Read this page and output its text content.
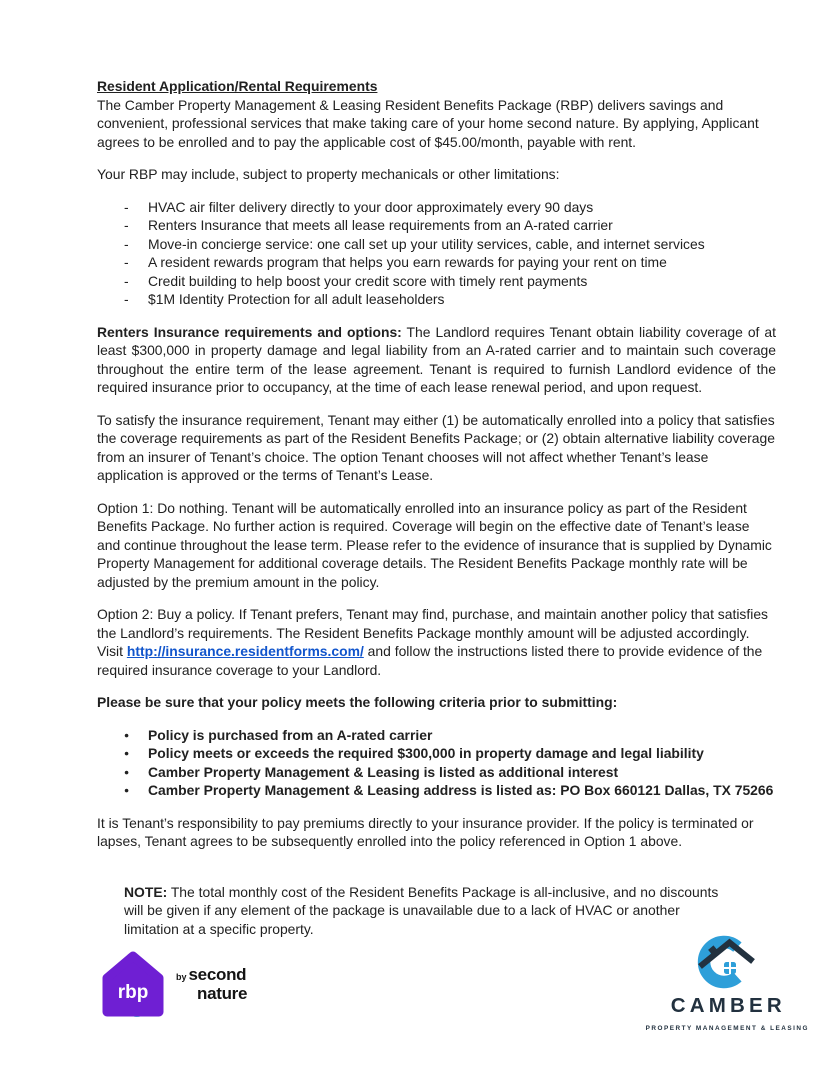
Resident Application/Rental Requirements

The Camber Property Management & Leasing Resident Benefits Package (RBP) delivers savings and convenient, professional services that make taking care of your home second nature. By applying, Applicant agrees to be enrolled and to pay the applicable cost of $45.00/month, payable with rent.

Your RBP may include, subject to property mechanicals or other limitations:

-	HVAC air filter delivery directly to your door approximately every 90 days
-	Renters Insurance that meets all lease requirements from an A-rated carrier
-	Move-in concierge service: one call set up your utility services, cable, and internet services
-	A resident rewards program that helps you earn rewards for paying your rent on time
-	Credit building to help boost your credit score with timely rent payments
-	$1M Identity Protection for all adult leaseholders

Renters Insurance requirements and options: The Landlord requires Tenant obtain liability coverage of at least $300,000 in property damage and legal liability from an A-rated carrier and to maintain such coverage throughout the entire term of the lease agreement. Tenant is required to furnish Landlord evidence of the required insurance prior to occupancy, at the time of each lease renewal period, and upon request.

To satisfy the insurance requirement, Tenant may either (1) be automatically enrolled into a policy that satisfies the coverage requirements as part of the Resident Benefits Package; or (2) obtain alternative liability coverage from an insurer of Tenant’s choice. The option Tenant chooses will not affect whether Tenant’s lease application is approved or the terms of Tenant’s Lease.

Option 1: Do nothing. Tenant will be automatically enrolled into an insurance policy as part of the Resident Benefits Package. No further action is required. Coverage will begin on the effective date of Tenant’s lease and continue throughout the lease term. Please refer to the evidence of insurance that is supplied by Dynamic Property Management for additional coverage details. The Resident Benefits Package monthly rate will be adjusted by the premium amount in the policy.

Option 2: Buy a policy. If Tenant prefers, Tenant may find, purchase, and maintain another policy that satisfies the Landlord’s requirements. The Resident Benefits Package monthly amount will be adjusted accordingly. Visit http://insurance.residentforms.com/ and follow the instructions listed there to provide evidence of the required insurance coverage to your Landlord.

Please be sure that your policy meets the following criteria prior to submitting:

●	Policy is purchased from an A-rated carrier
●	Policy meets or exceeds the required $300,000 in property damage and legal liability
●	Camber Property Management & Leasing is listed as additional interest
●	Camber Property Management & Leasing address is listed as: PO Box 660121 Dallas, TX 75266

It is Tenant’s responsibility to pay premiums directly to your insurance provider. If the policy is terminated or lapses, Tenant agrees to be subsequently enrolled into the policy referenced in Option 1 above.

NOTE: The total monthly cost of the Resident Benefits Package is all-inclusive, and no discounts will be given if any element of the package is unavailable due to a lack of HVAC or another limitation at a specific property.

rbp
by second
nature
CAMBER
PROPERTY MANAGEMENT & LEASING
